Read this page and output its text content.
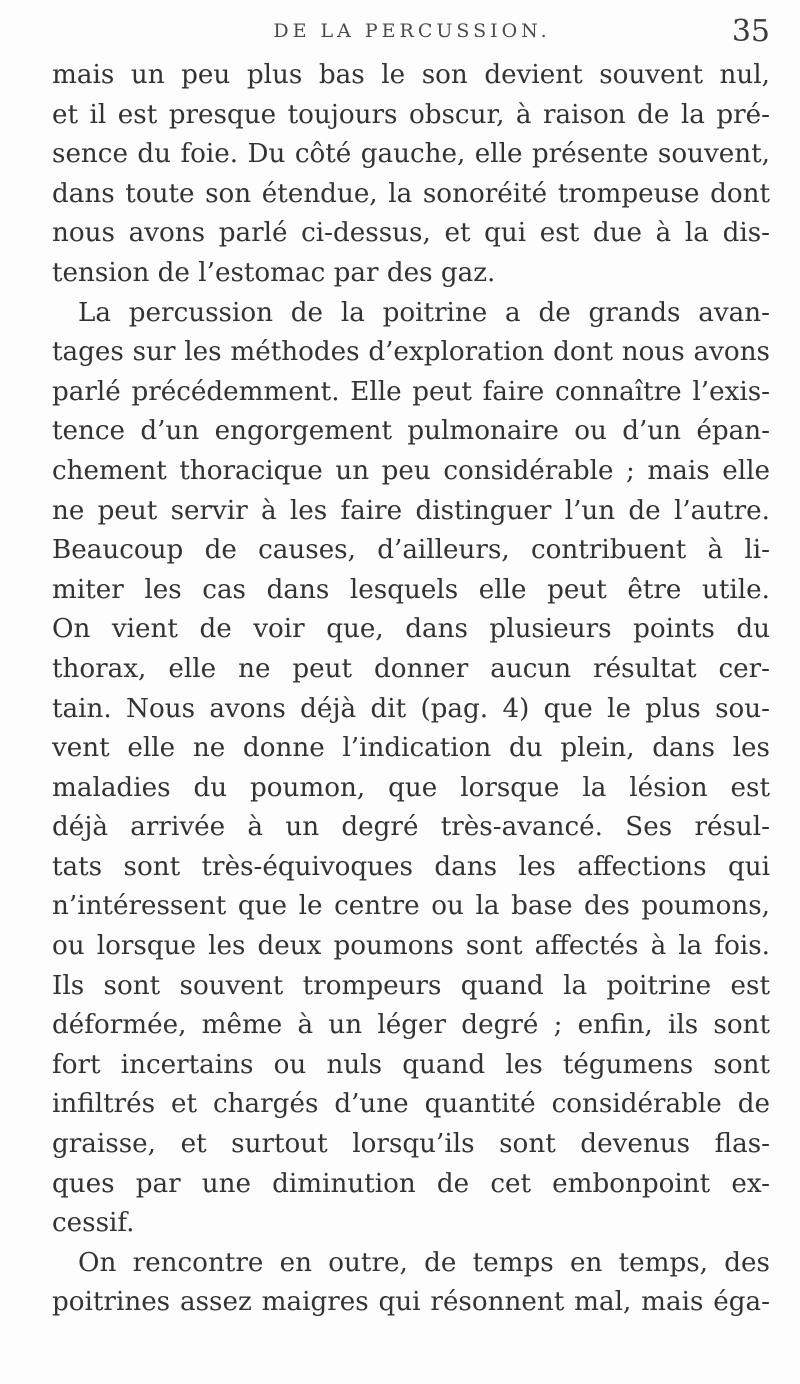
DE LA PERCUSSION.	35
mais un peu plus bas le son devient souvent nul,
et il est presque toujours obscur, à raison de la pré-
sence du foie. Du côté gauche, elle présente souvent,
dans toute son étendue, la sonoréité trompeuse dont
nous avons parlé ci-dessus, et qui est due à la dis-
tension de l’estomac par des gaz.
La percussion de la poitrine a de grands avan-
tages sur les méthodes d’exploration dont nous avons
parlé précédemment. Elle peut faire connaître l’exis-
tence d’un engorgement pulmonaire ou d’un épan-
chement thoracique un peu considérable ; mais elle
ne peut servir à les faire distinguer l’un de l’autre.
Beaucoup de causes, d’ailleurs, contribuent à li-
miter les cas dans lesquels elle peut être utile.
On vient de voir que, dans plusieurs points du
thorax, elle ne peut donner aucun résultat cer-
tain. Nous avons déjà dit (pag. 4) que le plus sou-
vent elle ne donne l’indication du plein, dans les
maladies du poumon, que lorsque la lésion est
déjà arrivée à un degré très-avancé. Ses résul-
tats sont très-équivoques dans les affections qui
n’intéressent que le centre ou la base des poumons,
ou lorsque les deux poumons sont affectés à la fois.
Ils sont souvent trompeurs quand la poitrine est
déformée, même à un léger degré ; enfin, ils sont
fort incertains ou nuls quand les tégumens sont
infiltrés et chargés d’une quantité considérable de
graisse, et surtout lorsqu’ils sont devenus flas-
ques par une diminution de cet embonpoint ex-
cessif.
On rencontre en outre, de temps en temps, des
poitrines assez maigres qui résonnent mal, mais éga-
